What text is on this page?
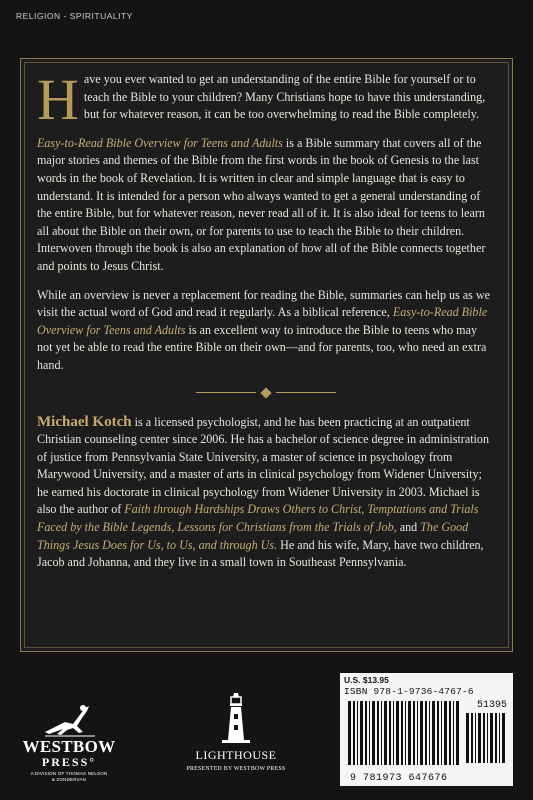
RELIGION - SPIRITUALITY

Have you ever wanted to get an understanding of the entire Bible for yourself or to teach the Bible to your children? Many Christians hope to have this understanding, but for whatever reason, it can be too overwhelming to read the Bible completely.

Easy-to-Read Bible Overview for Teens and Adults is a Bible summary that covers all of the major stories and themes of the Bible from the first words in the book of Genesis to the last words in the book of Revelation. It is written in clear and simple language that is easy to understand. It is intended for a person who always wanted to get a general understanding of the entire Bible, but for whatever reason, never read all of it. It is also ideal for teens to learn all about the Bible on their own, or for parents to use to teach the Bible to their children. Interwoven through the book is also an explanation of how all of the Bible connects together and points to Jesus Christ.

While an overview is never a replacement for reading the Bible, summaries can help us as we visit the actual word of God and read it regularly. As a biblical reference, Easy-to-Read Bible Overview for Teens and Adults is an excellent way to introduce the Bible to teens who may not yet be able to read the entire Bible on their own—and for parents, too, who need an extra hand.

Michael Kotch is a licensed psychologist, and he has been practicing at an outpatient Christian counseling center since 2006. He has a bachelor of science degree in administration of justice from Pennsylvania State University, a master of science in psychology from Marywood University, and a master of arts in clinical psychology from Widener University; he earned his doctorate in clinical psychology from Widener University in 2003. Michael is also the author of Faith through Hardships Draws Others to Christ, Temptations and Trials Faced by the Bible Legends, Lessons for Christians from the Trials of Job, and The Good Things Jesus Does for Us, to Us, and through Us. He and his wife, Mary, have two children, Jacob and Johanna, and they live in a small town in Southeast Pennsylvania.

WESTBOW
PRESS°
A DIVISION OF THOMAS NELSON
& ZONDERVAN
LIGHTHOUSE
PRESENTED BY WESTBOW PRESS
U.S. $13.95
ISBN 978-1-9736-4767-6
51395
9 781973 647676
